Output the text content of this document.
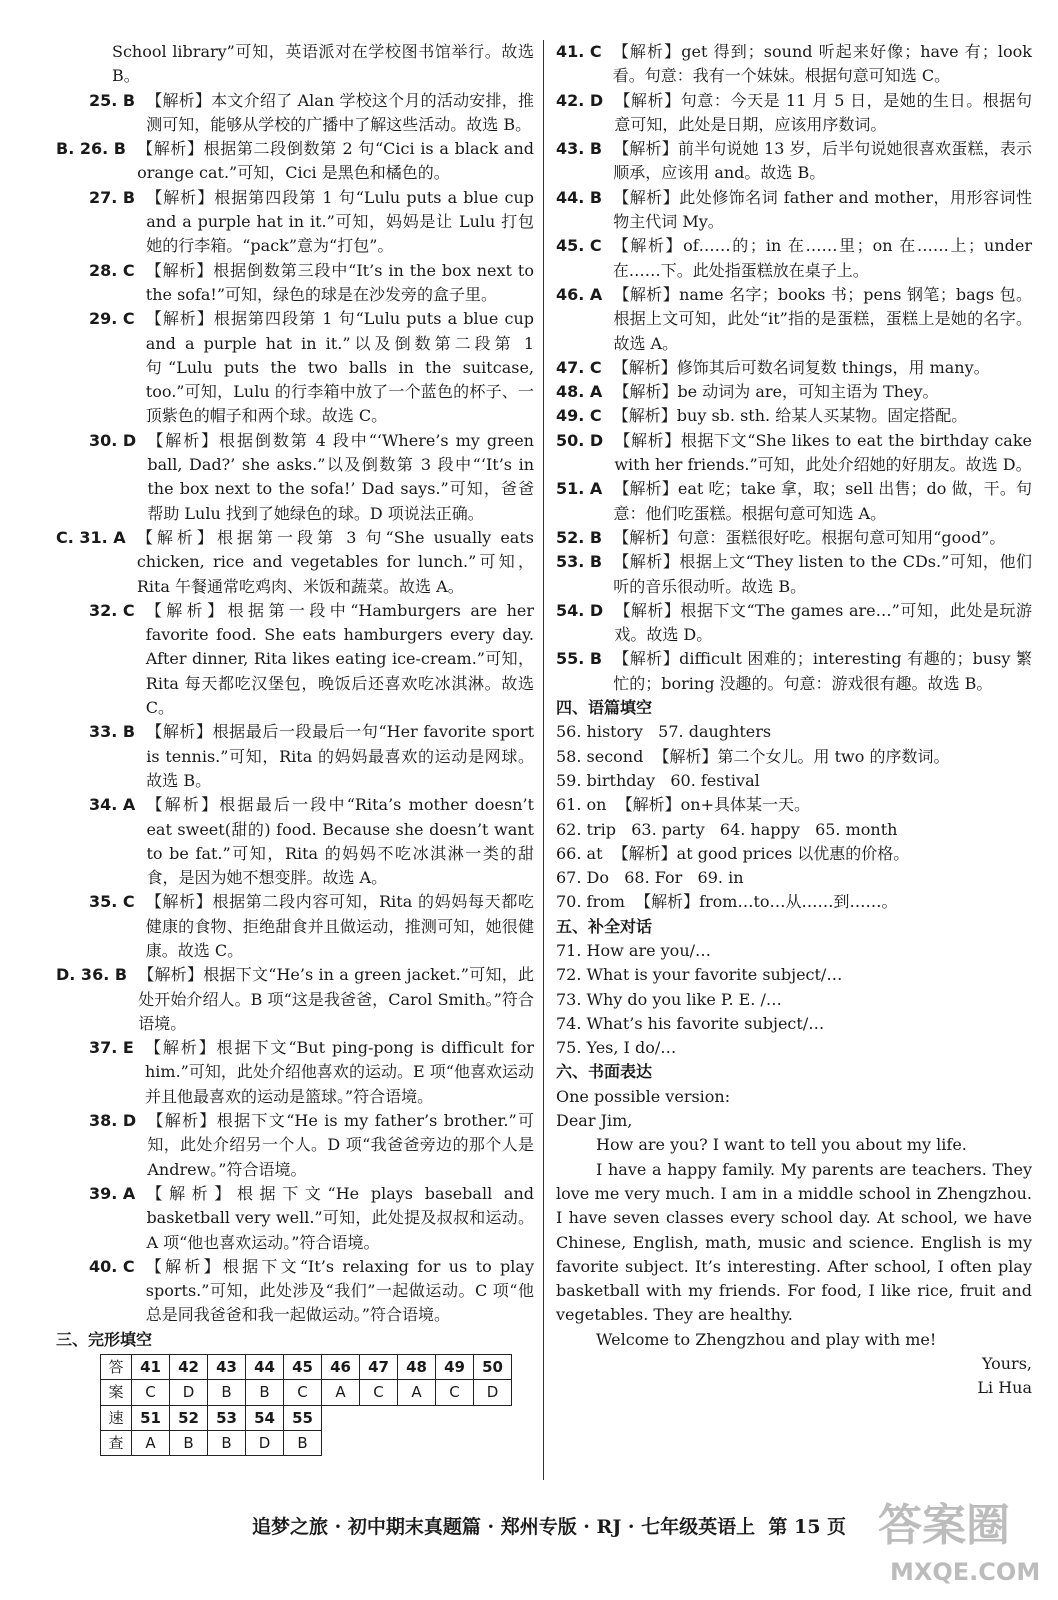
School library”可知，英语派对在学校图书馆举行。故选 B。
25. B 【解析】本文介绍了 Alan 学校这个月的活动安排，推测可知，能够从学校的广播中了解这些活动。故选 B。
B. 26. B 【解析】根据第二段倒数第 2 句“Cici is a black and orange cat.”可知，Cici 是黑色和橘色的。
27. B 【解析】根据第四段第 1 句“Lulu puts a blue cup and a purple hat in it.”可知，妈妈是让 Lulu 打包她的行李箱。“pack”意为“打包”。
28. C 【解析】根据倒数第三段中“It’s in the box next to the sofa!”可知，绿色的球是在沙发旁的盒子里。
29. C 【解析】根据第四段第 1 句“Lulu puts a blue cup and a purple hat in it.”以及倒数第二段第 1 句“Lulu puts the two balls in the suitcase, too.”可知，Lulu 的行李箱中放了一个蓝色的杯子、一顶紫色的帽子和两个球。故选 C。
30. D 【解析】根据倒数第 4 段中“‘Where’s my green ball, Dad?’ she asks.”以及倒数第 3 段中“‘It’s in the box next to the sofa!’ Dad says.”可知，爸爸帮助 Lulu 找到了她绿色的球。D 项说法正确。
C. 31. A 【解析】根据第一段第 3 句“She usually eats chicken, rice and vegetables for lunch.”可知，Rita 午餐通常吃鸡肉、米饭和蔬菜。故选 A。
32. C 【解析】根据第一段中“Hamburgers are her favorite food. She eats hamburgers every day. After dinner, Rita likes eating ice-cream.”可知，Rita 每天都吃汉堡包，晚饭后还喜欢吃冰淇淋。故选 C。
33. B 【解析】根据最后一段最后一句“Her favorite sport is tennis.”可知，Rita 的妈妈最喜欢的运动是网球。故选 B。
34. A 【解析】根据最后一段中“Rita’s mother doesn’t eat sweet(甜的) food. Because she doesn’t want to be fat.”可知，Rita 的妈妈不吃冰淇淋一类的甜食，是因为她不想变胖。故选 A。
35. C 【解析】根据第二段内容可知，Rita 的妈妈每天都吃健康的食物、拒绝甜食并且做运动，推测可知，她很健康。故选 C。
D. 36. B 【解析】根据下文“He’s in a green jacket.”可知，此处开始介绍人。B 项“这是我爸爸，Carol Smith。”符合语境。
37. E 【解析】根据下文“But ping-pong is difficult for him.”可知，此处介绍他喜欢的运动。E 项“他喜欢运动并且他最喜欢的运动是篮球。”符合语境。
38. D 【解析】根据下文“He is my father’s brother.”可知，此处介绍另一个人。D 项“我爸爸旁边的那个人是 Andrew。”符合语境。
39. A 【解析】根据下文“He plays baseball and basketball very well.”可知，此处提及叔叔和运动。A 项“他也喜欢运动。”符合语境。
40. C 【解析】根据下文“It’s relaxing for us to play sports.”可知，此处涉及“我们”一起做运动。C 项“他总是同我爸爸和我一起做运动。”符合语境。
三、完形填空
答	41	42	43	44	45	46	47	48	49	50
案	C	D	B	B	C	A	C	A	C	D
速	51	52	53	54	55					
查	A	B	B	D	B					
41. C 【解析】get 得到；sound 听起来好像；have 有；look 看。句意：我有一个妹妹。根据句意可知选 C。
42. D 【解析】句意：今天是 11 月 5 日，是她的生日。根据句意可知，此处是日期，应该用序数词。
43. B 【解析】前半句说她 13 岁，后半句说她很喜欢蛋糕，表示顺承，应该用 and。故选 B。
44. B 【解析】此处修饰名词 father and mother，用形容词性物主代词 My。
45. C 【解析】of……的；in 在……里；on 在……上；under 在……下。此处指蛋糕放在桌子上。
46. A 【解析】name 名字；books 书；pens 钢笔；bags 包。根据上文可知，此处“it”指的是蛋糕，蛋糕上是她的名字。故选 A。
47. C 【解析】修饰其后可数名词复数 things，用 many。
48. A 【解析】be 动词为 are，可知主语为 They。
49. C 【解析】buy sb. sth. 给某人买某物。固定搭配。
50. D 【解析】根据下文“She likes to eat the birthday cake with her friends.”可知，此处介绍她的好朋友。故选 D。
51. A 【解析】eat 吃；take 拿，取；sell 出售；do 做，干。句意：他们吃蛋糕。根据句意可知选 A。
52. B 【解析】句意：蛋糕很好吃。根据句意可知用“good”。
53. B 【解析】根据上文“They listen to the CDs.”可知，他们听的音乐很动听。故选 B。
54. D 【解析】根据下文“The games are…”可知，此处是玩游戏。故选 D。
55. B 【解析】difficult 困难的；interesting 有趣的；busy 繁忙的；boring 没趣的。句意：游戏很有趣。故选 B。
四、语篇填空
56. history   57. daughters
58. second  【解析】第二个女儿。用 two 的序数词。
59. birthday   60. festival
61. on  【解析】on+具体某一天。
62. trip   63. party   64. happy   65. month
66. at  【解析】at good prices 以优惠的价格。
67. Do   68. For   69. in
70. from  【解析】from…to…从……到……。
五、补全对话
71. How are you/…
72. What is your favorite subject/…
73. Why do you like P. E. /…
74. What’s his favorite subject/…
75. Yes, I do/…
六、书面表达
One possible version:
Dear Jim,
How are you? I want to tell you about my life.
I have a happy family. My parents are teachers. They love me very much. I am in a middle school in Zhengzhou. I have seven classes every school day. At school, we have Chinese, English, math, music and science. English is my favorite subject. It’s interesting. After school, I often play basketball with my friends. For food, I like rice, fruit and vegetables. They are healthy.
Welcome to Zhengzhou and play with me!
Yours,
Li Hua
追梦之旅 · 初中期末真题篇 · 郑州专版 · RJ · 七年级英语上  第 15 页 答案圈
MXQE.COM
